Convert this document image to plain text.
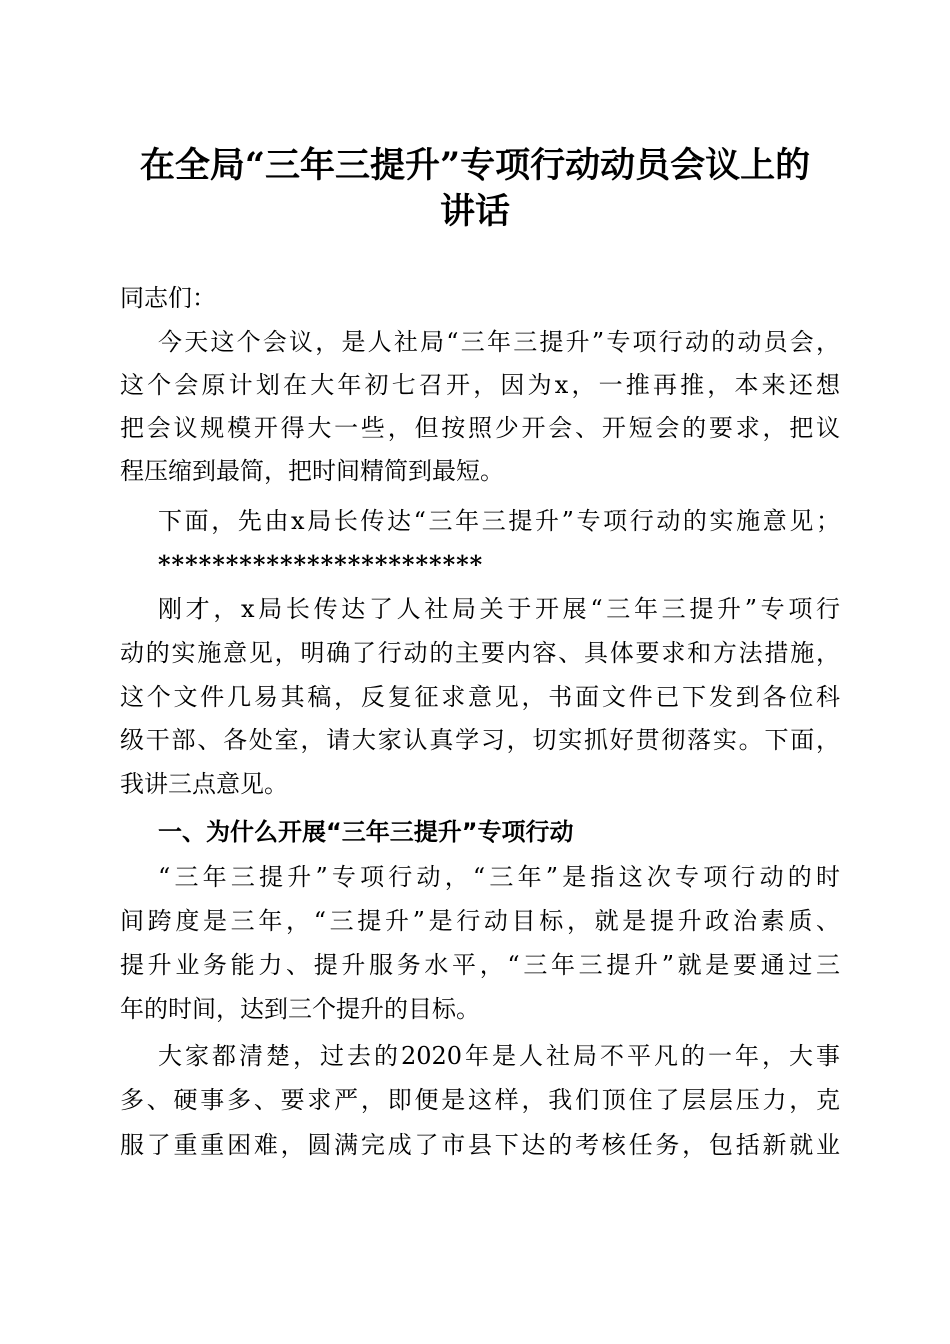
在全局“三年三提升”专项行动动员会议上的
讲话
同志们：
今天这个会议，是人社局“三年三提升”专项行动的动员会，
这个会原计划在大年初七召开，因为x，一推再推，本来还想
把会议规模开得大一些，但按照少开会、开短会的要求，把议
程压缩到最简，把时间精简到最短。
下面，先由x局长传达“三年三提升”专项行动的实施意见；
************************
刚才，x局长传达了人社局关于开展“三年三提升”专项行
动的实施意见，明确了行动的主要内容、具体要求和方法措施，
这个文件几易其稿，反复征求意见，书面文件已下发到各位科
级干部、各处室，请大家认真学习，切实抓好贯彻落实。下面，
我讲三点意见。
一、为什么开展“三年三提升”专项行动
“三年三提升”专项行动，“三年”是指这次专项行动的时
间跨度是三年，“三提升”是行动目标，就是提升政治素质、
提升业务能力、提升服务水平，“三年三提升”就是要通过三
年的时间，达到三个提升的目标。
大家都清楚，过去的2020年是人社局不平凡的一年，大事
多、硬事多、要求严，即便是这样，我们顶住了层层压力，克
服了重重困难，圆满完成了市县下达的考核任务，包括新就业
